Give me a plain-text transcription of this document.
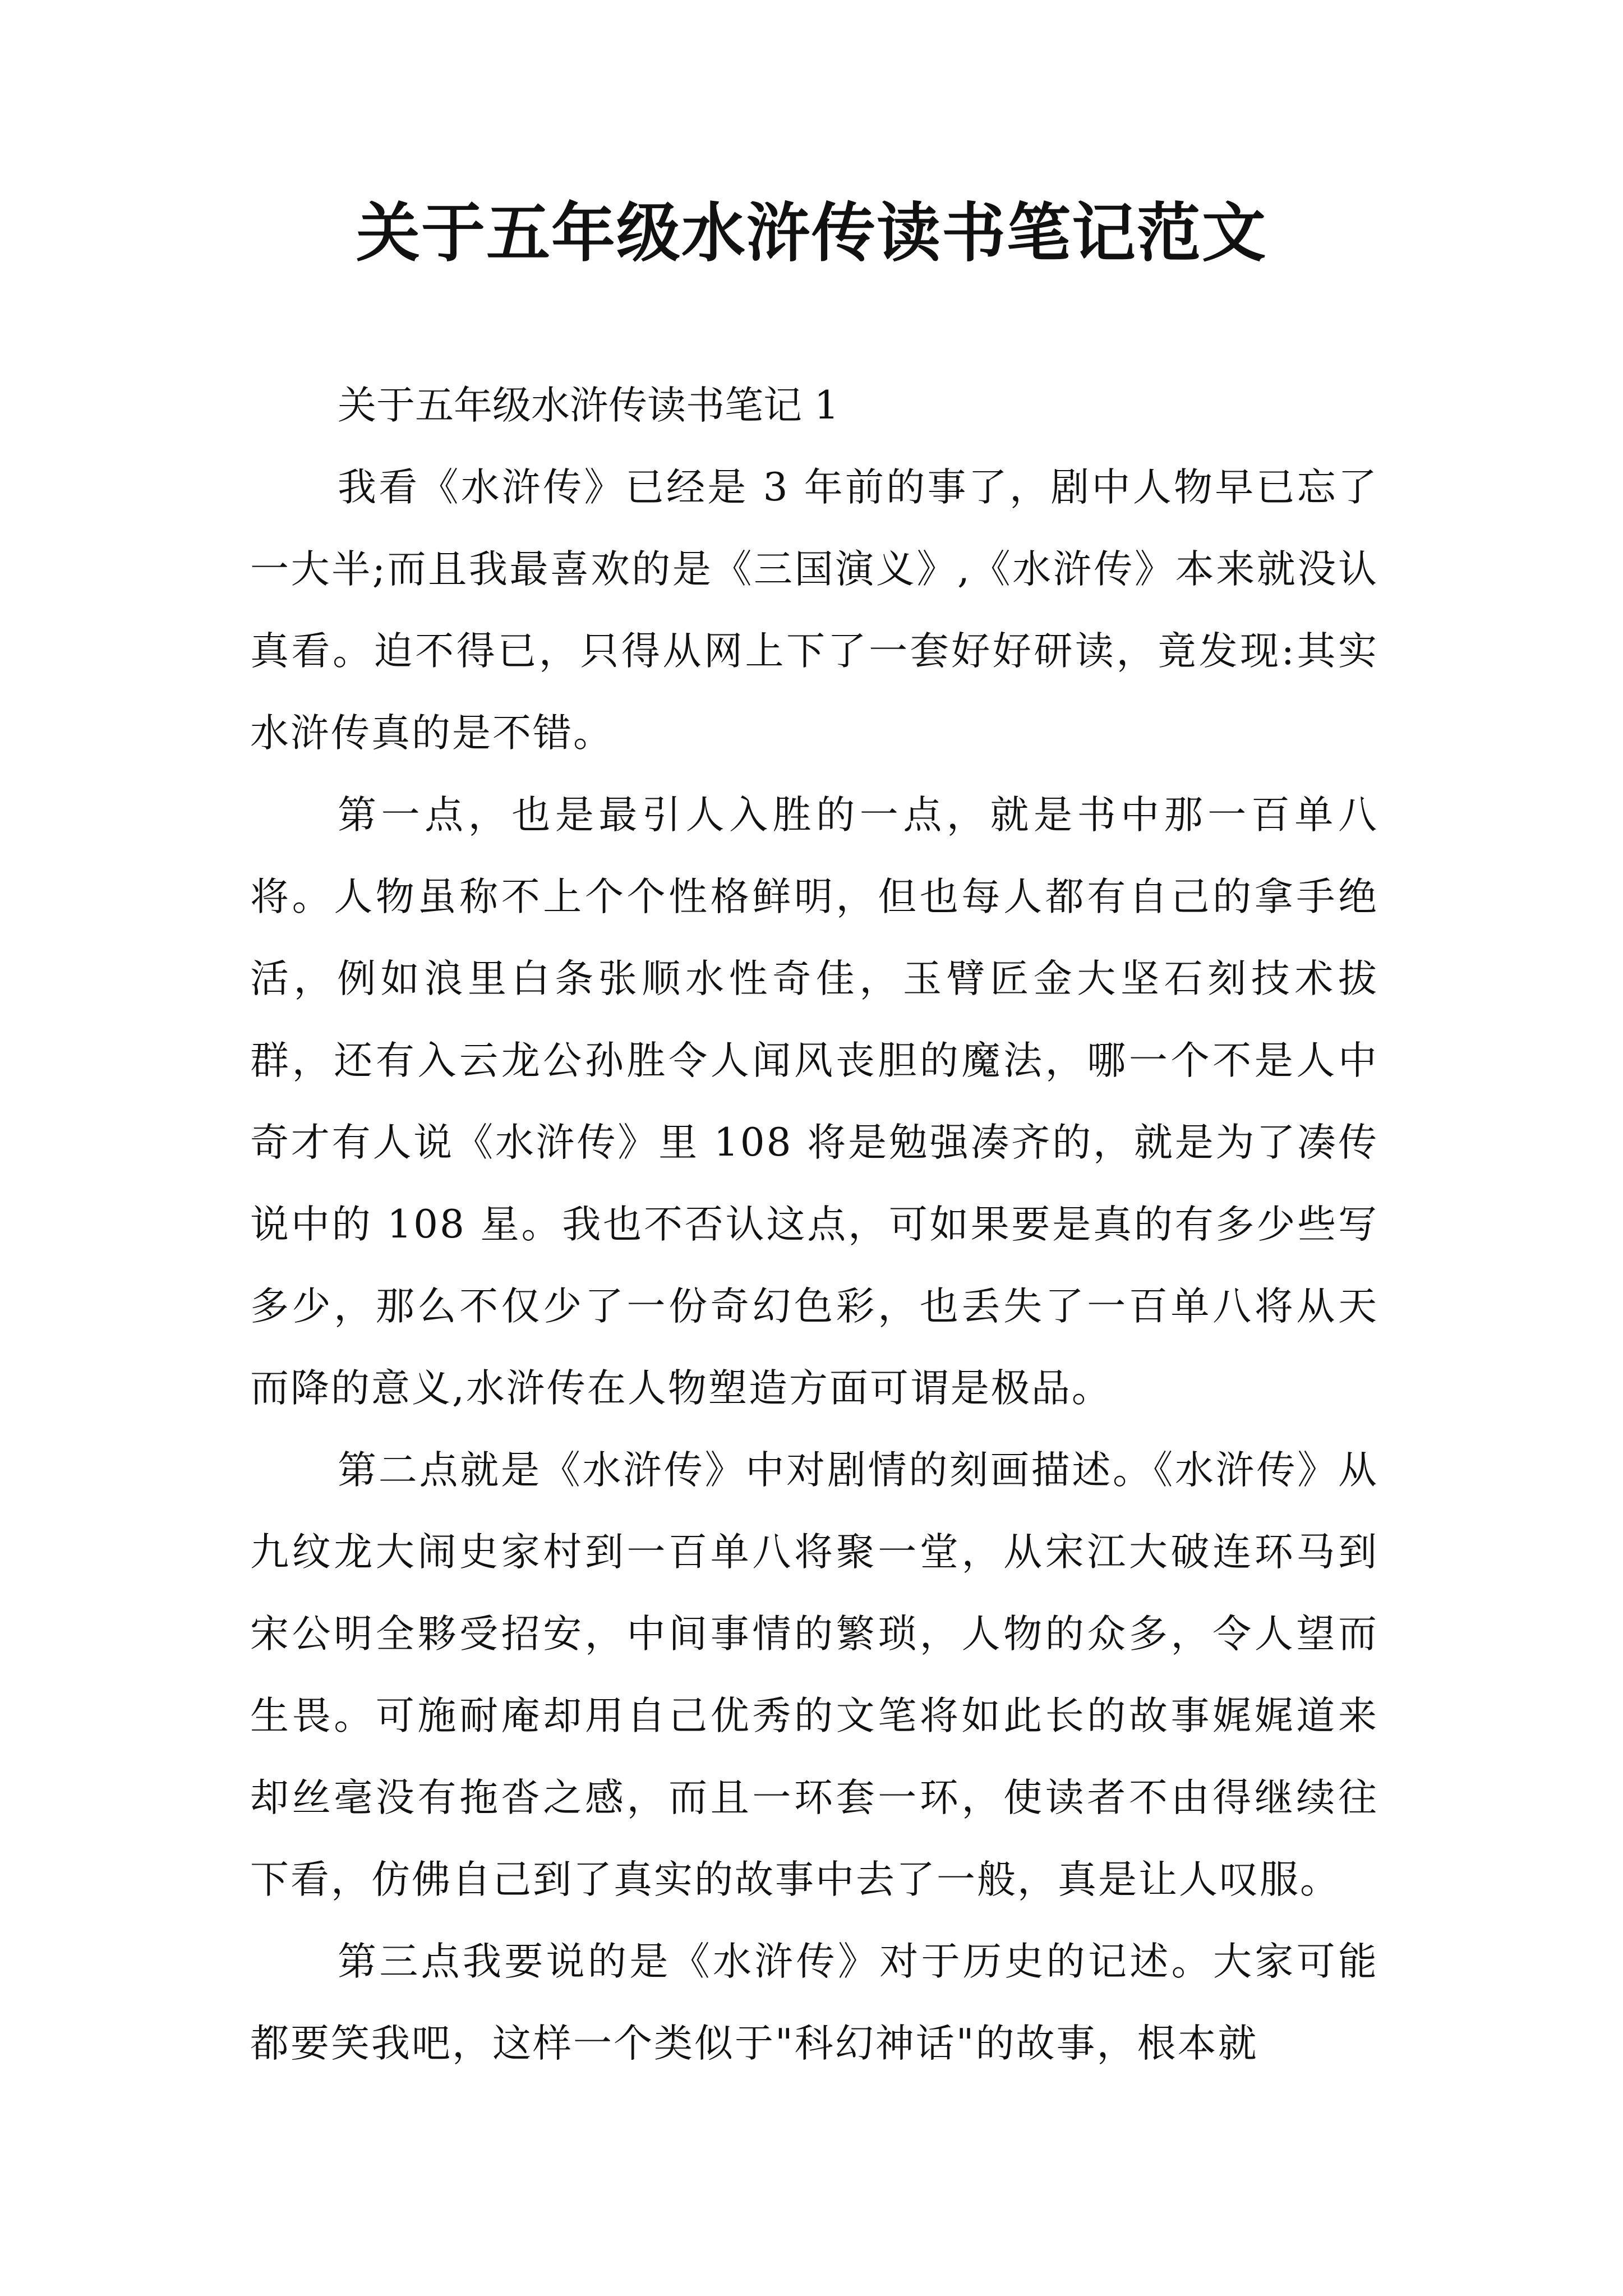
关于五年级水浒传读书笔记范文

关于五年级水浒传读书笔记 1

我看《水浒传》已经是 3 年前的事了，剧中人物早已忘了一大半;而且我最喜欢的是《三国演义》,《水浒传》本来就没认真看。迫不得已，只得从网上下了一套好好研读，竟发现:其实水浒传真的是不错。

第一点，也是最引人入胜的一点，就是书中那一百单八将。人物虽称不上个个性格鲜明，但也每人都有自己的拿手绝活，例如浪里白条张顺水性奇佳，玉臂匠金大坚石刻技术拔群，还有入云龙公孙胜令人闻风丧胆的魔法，哪一个不是人中奇才有人说《水浒传》里 108 将是勉强凑齐的，就是为了凑传说中的 108 星。我也不否认这点，可如果要是真的有多少些写多少，那么不仅少了一份奇幻色彩，也丢失了一百单八将从天而降的意义,水浒传在人物塑造方面可谓是极品。

第二点就是《水浒传》中对剧情的刻画描述。《水浒传》从九纹龙大闹史家村到一百单八将聚一堂，从宋江大破连环马到宋公明全夥受招安，中间事情的繁琐，人物的众多，令人望而生畏。可施耐庵却用自己优秀的文笔将如此长的故事娓娓道来却丝毫没有拖沓之感，而且一环套一环，使读者不由得继续往下看，仿佛自己到了真实的故事中去了一般，真是让人叹服。

第三点我要说的是《水浒传》对于历史的记述。大家可能都要笑我吧，这样一个类似于"科幻神话"的故事，根本就
